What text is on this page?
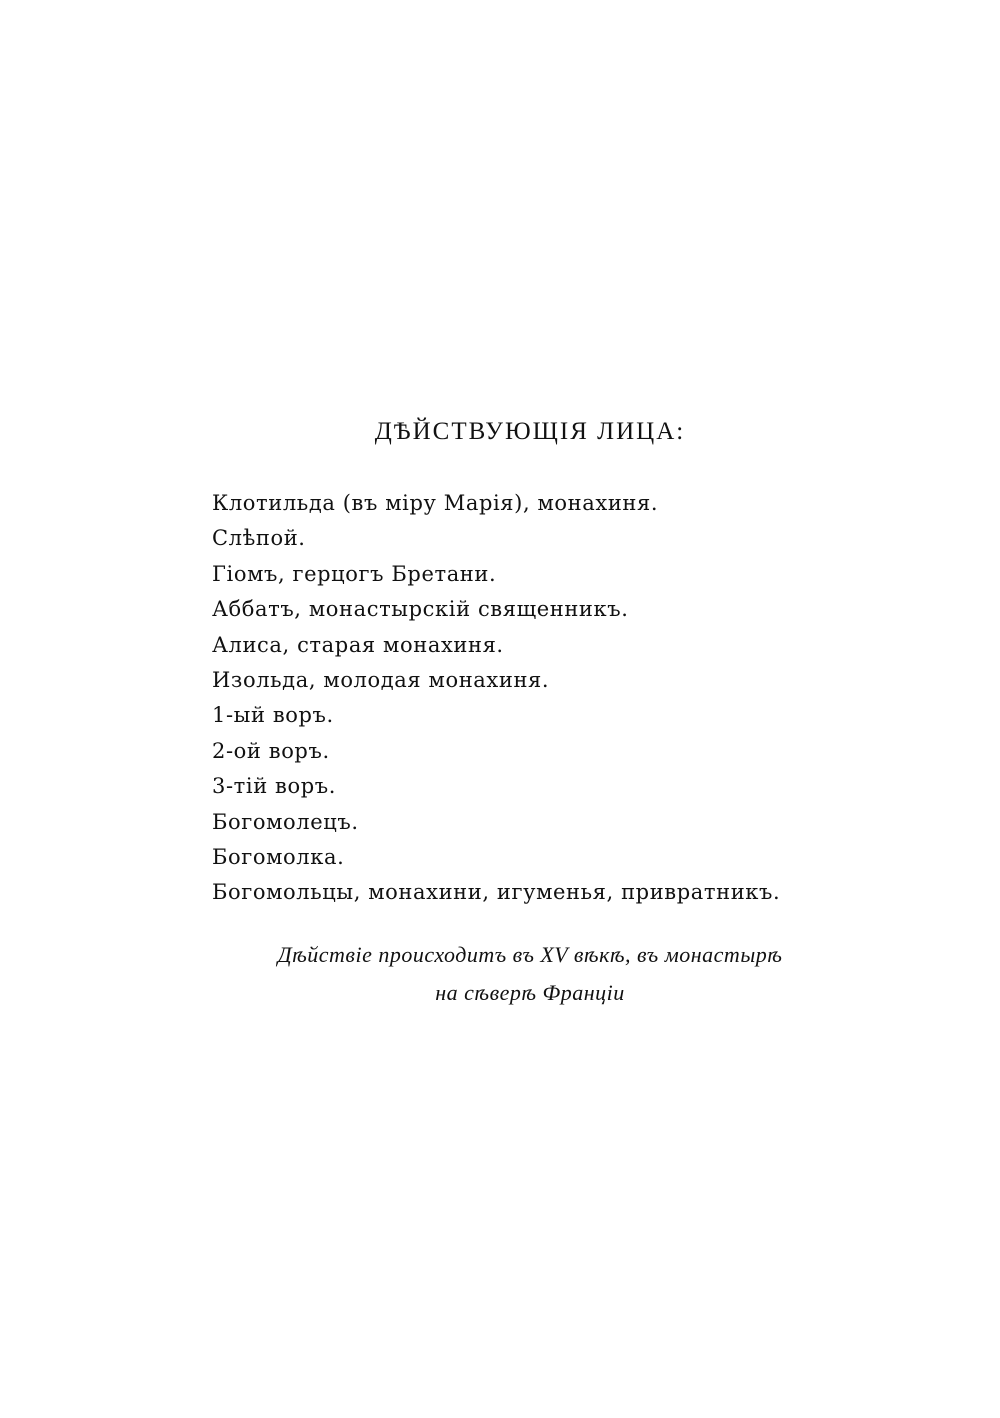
ДѢЙСТВУЮЩІЯ ЛИЦА:
Клотильда (въ міру Марія), монахиня.
Слѣпой.
Гіомъ, герцогъ Бретани.
Аббатъ, монастырскій священникъ.
Алиса, старая монахиня.
Изольда, молодая монахиня.
1-ый воръ.
2-ой воръ.
3-тій воръ.
Богомолецъ.
Богомолка.
Богомольцы, монахини, игуменья, привратникъ.
Дѣйствіе происходитъ въ XV вѣкѣ, въ монастырѣ
на сѣверѣ Франціи
